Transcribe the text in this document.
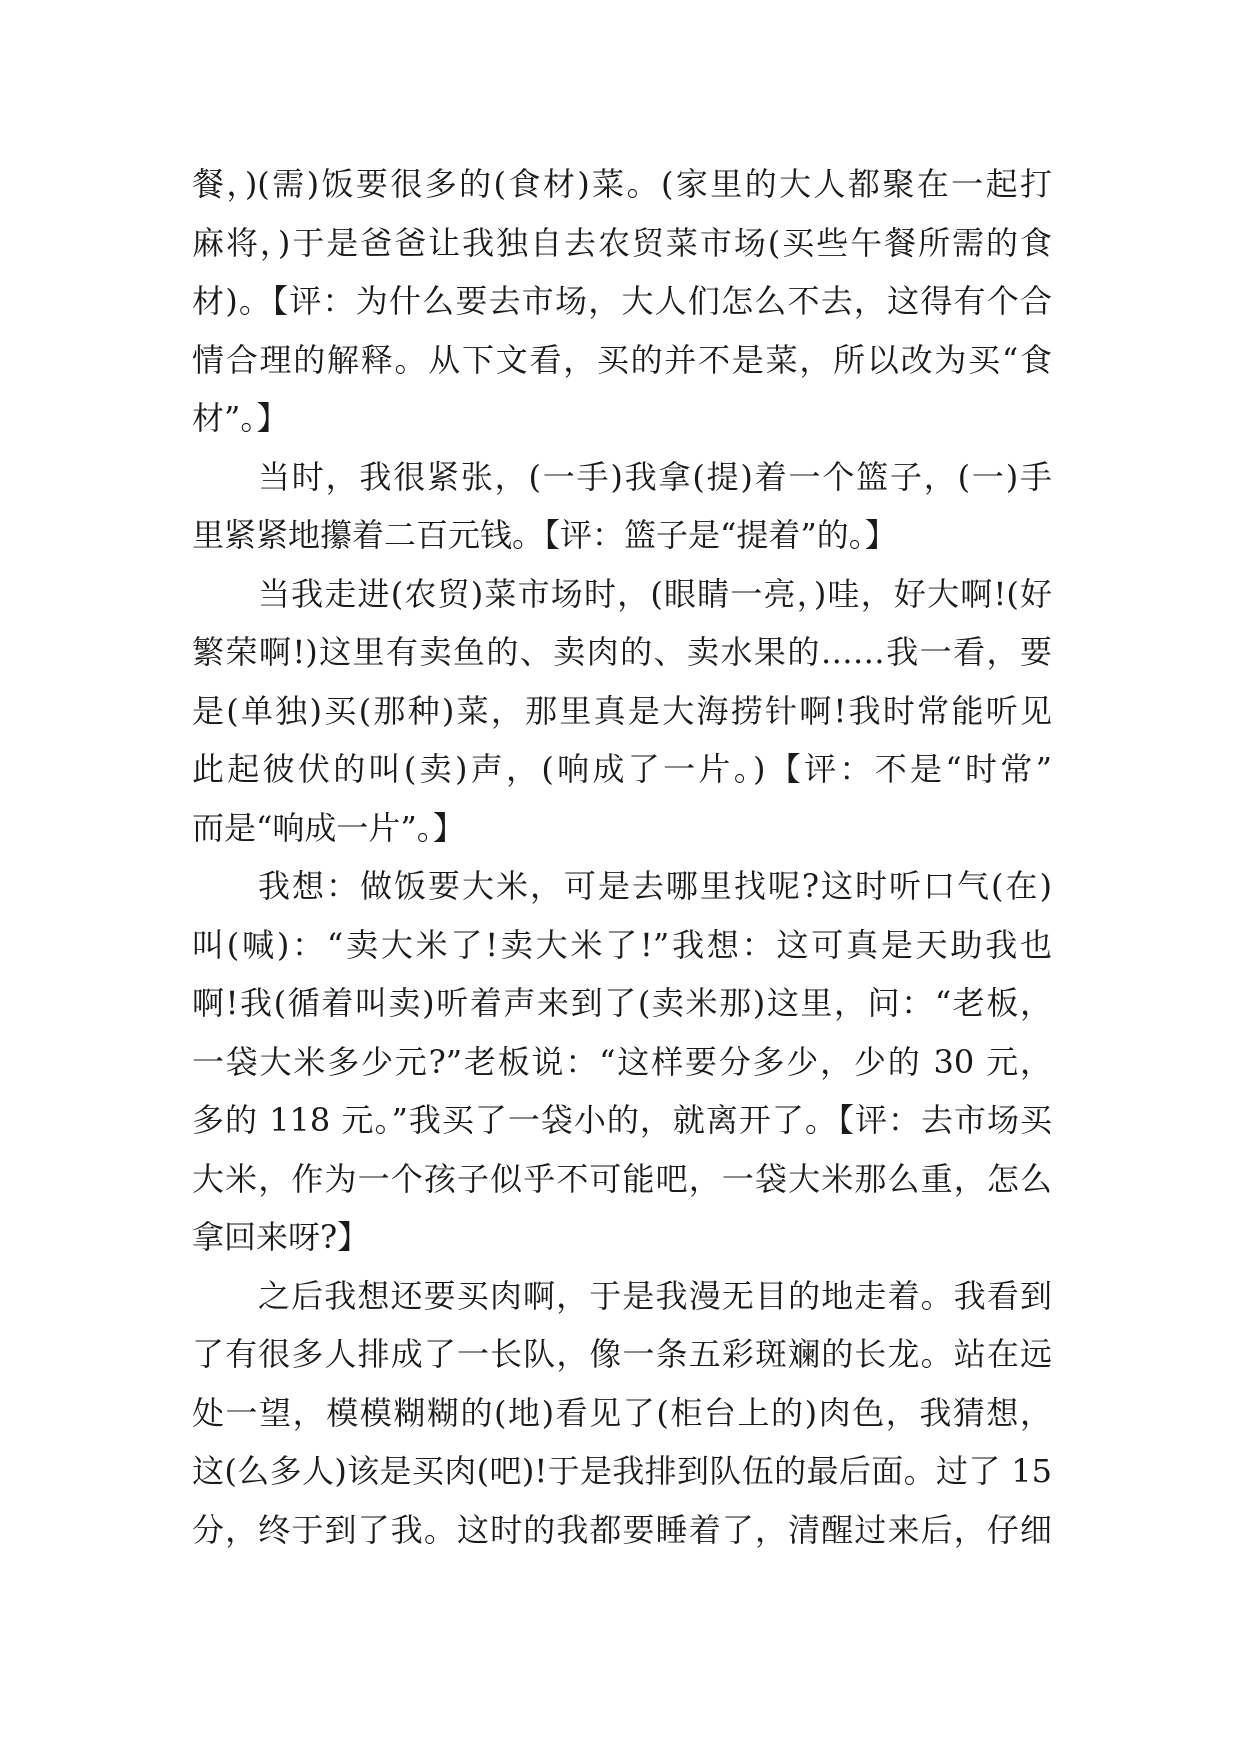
餐，)(需)饭要很多的(食材)菜。(家里的大人都聚在一起打
麻将，)于是爸爸让我独自去农贸菜市场(买些午餐所需的食
材)。【评：为什么要去市场，大人们怎么不去，这得有个合
情合理的解释。从下文看，买的并不是菜，所以改为买“食
材”。】
当时，我很紧张，(一手)我拿(提)着一个篮子，(一)手
里紧紧地攥着二百元钱。【评：篮子是“提着”的。】
当我走进(农贸)菜市场时，(眼睛一亮，)哇，好大啊!(好
繁荣啊!)这里有卖鱼的、卖肉的、卖水果的……我一看，要
是(单独)买(那种)菜，那里真是大海捞针啊!我时常能听见
此起彼伏的叫(卖)声，(响成了一片。)【评：不是“时常”
而是“响成一片”。】
我想：做饭要大米，可是去哪里找呢?这时听口气(在)
叫(喊)：“卖大米了!卖大米了!”我想：这可真是天助我也
啊!我(循着叫卖)听着声来到了(卖米那)这里，问：“老板，
一袋大米多少元?”老板说：“这样要分多少，少的 30 元，
多的 118 元。”我买了一袋小的，就离开了。【评：去市场买
大米，作为一个孩子似乎不可能吧，一袋大米那么重，怎么
拿回来呀?】
之后我想还要买肉啊，于是我漫无目的地走着。我看到
了有很多人排成了一长队，像一条五彩斑斓的长龙。站在远
处一望，模模糊糊的(地)看见了(柜台上的)肉色，我猜想，
这(么多人)该是买肉(吧)!于是我排到队伍的最后面。过了 15
分，终于到了我。这时的我都要睡着了，清醒过来后，仔细
